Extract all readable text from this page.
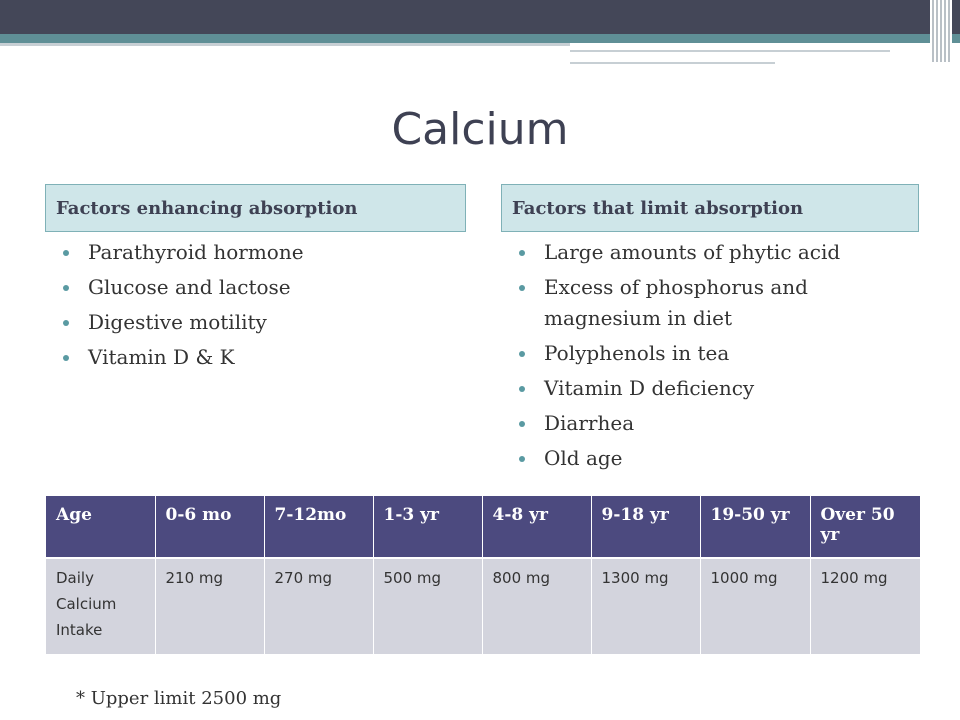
Calcium
Factors enhancing absorption	Factors that limit absorption
Parathyroid hormone
Glucose and lactose
Digestive motility
Vitamin D & K
Large amounts of phytic acid
Excess of phosphorus and magnesium in diet
Polyphenols in tea
Vitamin D deficiency
Diarrhea
Old age
Age	0-6 mo	7-12mo	1-3 yr	4-8 yr	9-18 yr	19-50 yr	Over 50 yr
Daily Calcium Intake	210 mg	270 mg	500 mg	800 mg	1300 mg	1000 mg	1200 mg
* Upper limit 2500 mg
